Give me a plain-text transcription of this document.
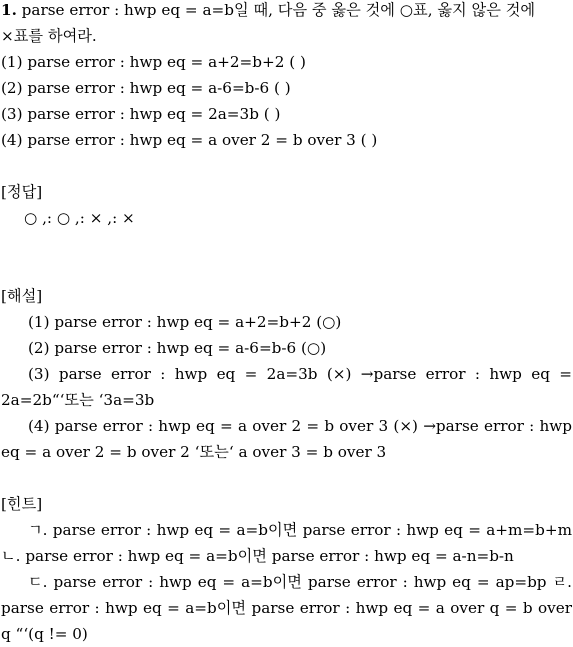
1. parse error : hwp eq = a=b일 때, 다음 중 옳은 것에 ○표, 옳지 않은 것에
×표를 하여라.
(1) parse error : hwp eq = a+2=b+2 ( )
(2) parse error : hwp eq = a-6=b-6 ( )
(3) parse error : hwp eq = 2a=3b ( )
(4) parse error : hwp eq = a over 2 = b over 3 ( )
[정답]
○ ,: ○ ,: × ,: ×
[해설]
(1) parse error : hwp eq = a+2=b+2 (○)
(2) parse error : hwp eq = a-6=b-6 (○)
(3) parse error : hwp eq = 2a=3b (×) →parse error : hwp eq = 2a=2b“‘또는 ‘3a=3b
(4) parse error : hwp eq = a over 2 = b over 3 (×) →parse error : hwp eq = a over 2 = b over 2 ‘또는‘ a over 3 = b over 3
[힌트]
ㄱ. parse error : hwp eq = a=b이면 parse error : hwp eq = a+m=b+m ㄴ. parse error : hwp eq = a=b이면 parse error : hwp eq = a-n=b-n
ㄷ. parse error : hwp eq = a=b이면 parse error : hwp eq = ap=bp ㄹ. parse error : hwp eq = a=b이면 parse error : hwp eq = a over q = b over q “‘(q != 0)
